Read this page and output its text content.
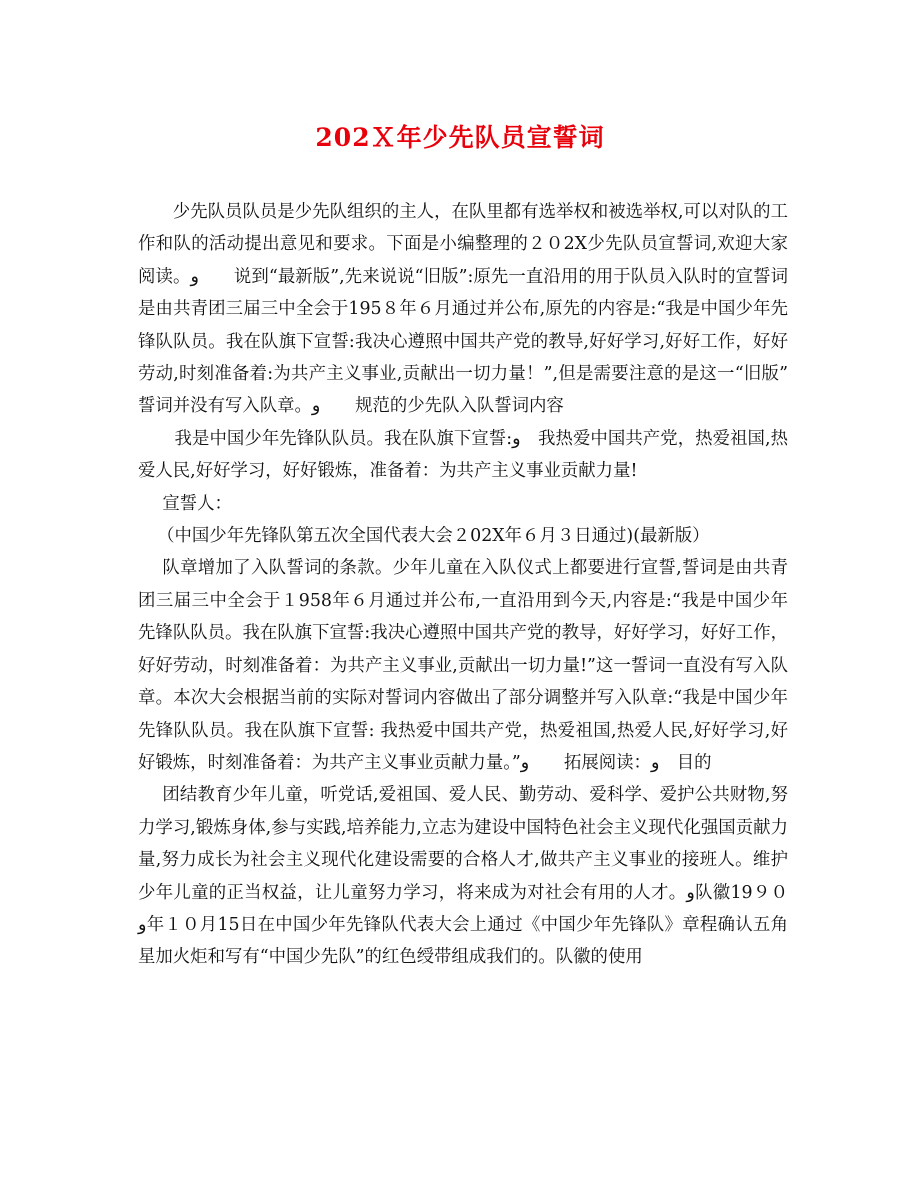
202Ｘ年少先队员宣誓词

少先队员队员是少先队组织的主人，在队里都有选举权和被选举权,可以对队的工作和队的活动提出意见和要求。下面是小编整理的２０2X少先队员宣誓词,欢迎大家阅读。﻿و﻿　　说到“最新版”,先来说说“旧版”:原先一直沿用的用于队员入队时的宣誓词是由共青团三届三中全会于195８年６月通过并公布,原先的内容是:“我是中国少年先锋队队员。我在队旗下宣誓:我决心遵照中国共产党的教导,好好学习,好好工作，好好劳动,时刻准备着:为共产主义事业,贡献出一切力量！”,但是需要注意的是这一“旧版”誓词并没有写入队章。﻿و﻿　　规范的少先队入队誓词内容

我是中国少年先锋队队员。我在队旗下宣誓:﻿و﻿　我热爱中国共产党，热爱祖国,热爱人民,好好学习，好好锻炼，准备着：为共产主义事业贡献力量!

宣誓人：

（中国少年先锋队第五次全国代表大会２02X年６月３日通过)(最新版）

队章增加了入队誓词的条款。少年儿童在入队仪式上都要进行宣誓,誓词是由共青团三届三中全会于１958年６月通过并公布,一直沿用到今天,内容是:“我是中国少年先锋队队员。我在队旗下宣誓:我决心遵照中国共产党的教导，好好学习，好好工作，好好劳动，时刻准备着：为共产主义事业,贡献出一切力量!”这一誓词一直没有写入队章。本次大会根据当前的实际对誓词内容做出了部分调整并写入队章:“我是中国少年先锋队队员。我在队旗下宣誓: 我热爱中国共产党，热爱祖国,热爱人民,好好学习,好好锻炼，时刻准备着：为共产主义事业贡献力量。”﻿و﻿　　拓展阅读：﻿و﻿　目的

团结教育少年儿童，听党话,爱祖国、爱人民、勤劳动、爱科学、爱护公共财物,努力学习,锻炼身体,参与实践,培养能力,立志为建设中国特色社会主义现代化强国贡献力量,努力成长为社会主义现代化建设需要的合格人才,做共产主义事业的接班人。维护少年儿童的正当权益，让儿童努力学习，将来成为对社会有用的人才。﻿و﻿队徽19９０　﻿و﻿年１０月15日在中国少年先锋队代表大会上通过《中国少年先锋队》章程确认五角星加火炬和写有“中国少先队”的红色绶带组成我们的。队徽的使用
